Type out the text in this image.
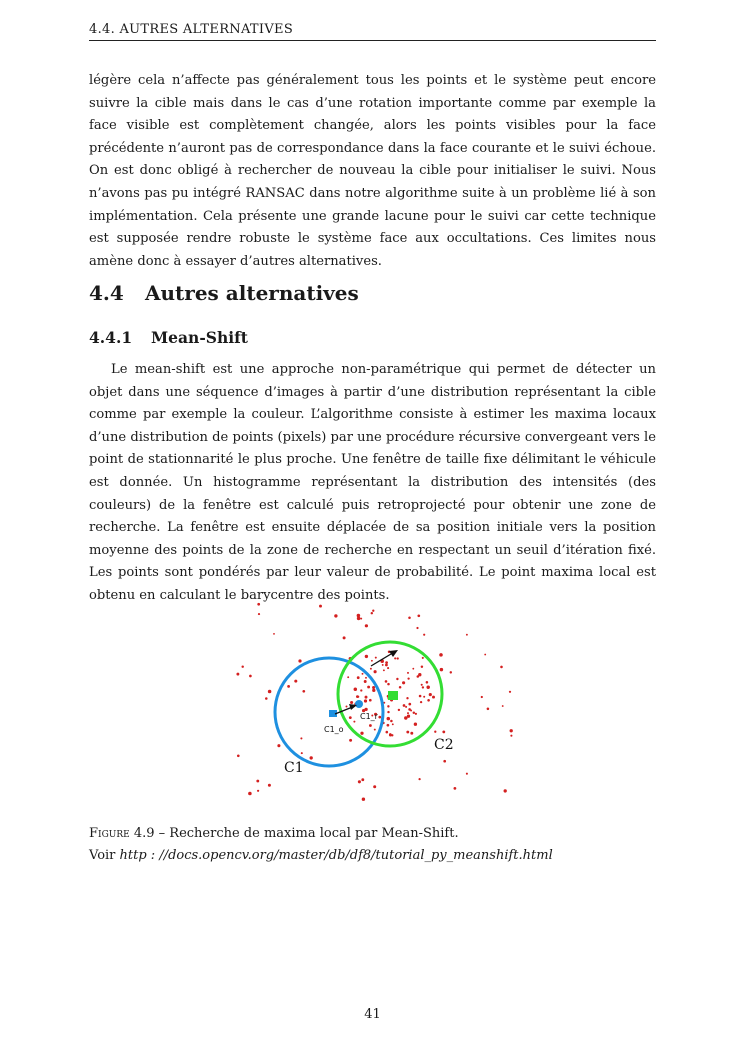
4.4. AUTRES ALTERNATIVES

légère cela n’affecte pas généralement tous les points et le système peut encore suivre la cible mais dans le cas d’une rotation importante comme par exemple la face visible est complètement changée, alors les points visibles pour la face précédente n’auront pas de correspondance dans la face courante et le suivi échoue. On est donc obligé à rechercher de nouveau la cible pour initialiser le suivi. Nous n’avons pas pu intégré RANSAC dans notre algorithme suite à un problème lié à son implémentation. Cela présente une grande lacune pour le suivi car cette technique est supposée rendre robuste le système face aux occultations. Ces limites nous amène donc à essayer d’autres alternatives.

4.4 Autres alternatives
4.4.1 Mean-Shift

Le mean-shift est une approche non-paramétrique qui permet de détecter un objet dans une séquence d’images à partir d’une distribution représentant la cible comme par exemple la couleur. L’algorithme consiste à estimer les maxima locaux d’une distribution de points (pixels) par une procédure récursive convergeant vers le point de stationnarité le plus proche. Une fenêtre de taille fixe délimitant le véhicule est donnée. Un histogramme représentant la distribution des intensités (des couleurs) de la fenêtre est calculé puis retroprojecté pour obtenir une zone de recherche. La fenêtre est ensuite déplacée de sa position initiale vers la position moyenne des points de la zone de recherche en respectant un seuil d’itération fixé. Les points sont pondérés par leur valeur de probabilité. Le point maxima local est obtenu en calculant le barycentre des points.

C1_r
C1_o
C1
C2

Figure 4.9 – Recherche de maxima local par Mean-Shift.

Voir http : //docs.opencv.org/master/db/df8/tutorial_py_meanshift.html

41
